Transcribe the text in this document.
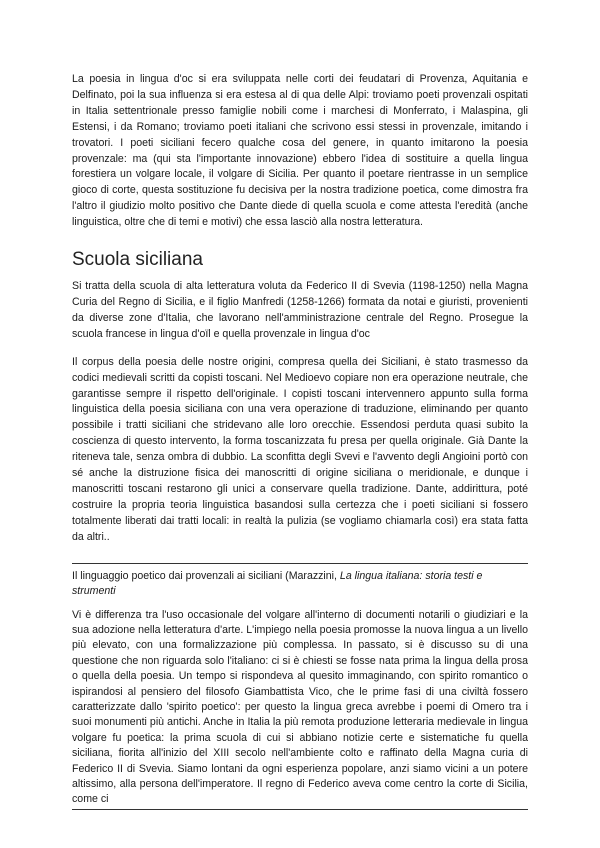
La poesia in lingua d'oc si era sviluppata nelle corti dei feudatari di Provenza, Aquitania e Delfinato, poi la sua influenza si era estesa al di qua delle Alpi: troviamo poeti provenzali ospitati in Italia settentrionale presso famiglie nobili come i marchesi di Monferrato, i Malaspina, gli Estensi, i da Romano; troviamo poeti italiani che scrivono essi stessi in provenzale, imitando i trovatori. I poeti siciliani fecero qualche cosa del genere, in quanto imitarono la poesia provenzale: ma (qui sta l'importante innovazione) ebbero l'idea di sostituire a quella lingua forestiera un volgare locale, il volgare di Sicilia. Per quanto il poetare rientrasse in un semplice gioco di corte, questa sostituzione fu decisiva per la nostra tradizione poetica, come dimostra fra l'altro il giudizio molto positivo che Dante diede di quella scuola e come attesta l'eredità (anche linguistica, oltre che di temi e motivi) che essa lasciò alla nostra letteratura.

Scuola siciliana

Si tratta della scuola di alta letteratura voluta da Federico II di Svevia (1198-1250) nella Magna Curia del Regno di Sicilia, e il figlio Manfredi (1258-1266) formata da notai e giuristi, provenienti da diverse zone d'Italia, che lavorano nell'amministrazione centrale del Regno. Prosegue la scuola francese in lingua d'oïl e quella provenzale in lingua d'oc

Il corpus della poesia delle nostre origini, compresa quella dei Siciliani, è stato trasmesso da codici medievali scritti da copisti toscani. Nel Medioevo copiare non era operazione neutrale, che garantisse sempre il rispetto dell'originale. I copisti toscani intervennero appunto sulla forma linguistica della poesia siciliana con una vera operazione di traduzione, eliminando per quanto possibile i tratti siciliani che stridevano alle loro orecchie. Essendosi perduta quasi subito la coscienza di questo intervento, la forma toscanizzata fu presa per quella originale. Già Dante la riteneva tale, senza ombra di dubbio. La sconfitta degli Svevi e l'avvento degli Angioini portò con sé anche la distruzione fisica dei manoscritti di origine siciliana o meridionale, e dunque i manoscritti toscani restarono gli unici a conservare quella tradizione. Dante, addirittura, poté costruire la propria teoria linguistica basandosi sulla certezza che i poeti siciliani si fossero totalmente liberati dai tratti locali: in realtà la pulizia (se vogliamo chiamarla così) era stata fatta da altri..

Il linguaggio poetico dai provenzali ai siciliani (Marazzini, La lingua italiana: storia testi e strumenti

Vi è differenza tra l'uso occasionale del volgare all'interno di documenti notarili o giudiziari e la sua adozione nella letteratura d'arte. L'impiego nella poesia promosse la nuova lingua a un livello più elevato, con una formalizzazione più complessa. In passato, si è discusso su di una questione che non riguarda solo l'italiano: ci si è chiesti se fosse nata prima la lingua della prosa o quella della poesia. Un tempo si rispondeva al quesito immaginando, con spirito romantico o ispirandosi al pensiero del filosofo Giambattista Vico, che le prime fasi di una civiltà fossero caratterizzate dallo 'spirito poetico': per questo la lingua greca avrebbe i poemi di Omero tra i suoi monumenti più antichi. Anche in Italia la più remota produzione letteraria medievale in lingua volgare fu poetica: la prima scuola di cui si abbiano notizie certe e sistematiche fu quella siciliana, fiorita all'inizio del XIII secolo nell'ambiente colto e raffinato della Magna curia di Federico II di Svevia. Siamo lontani da ogni esperienza popolare, anzi siamo vicini a un potere altissimo, alla persona dell'imperatore. Il regno di Federico aveva come centro la corte di Sicilia, come ci
